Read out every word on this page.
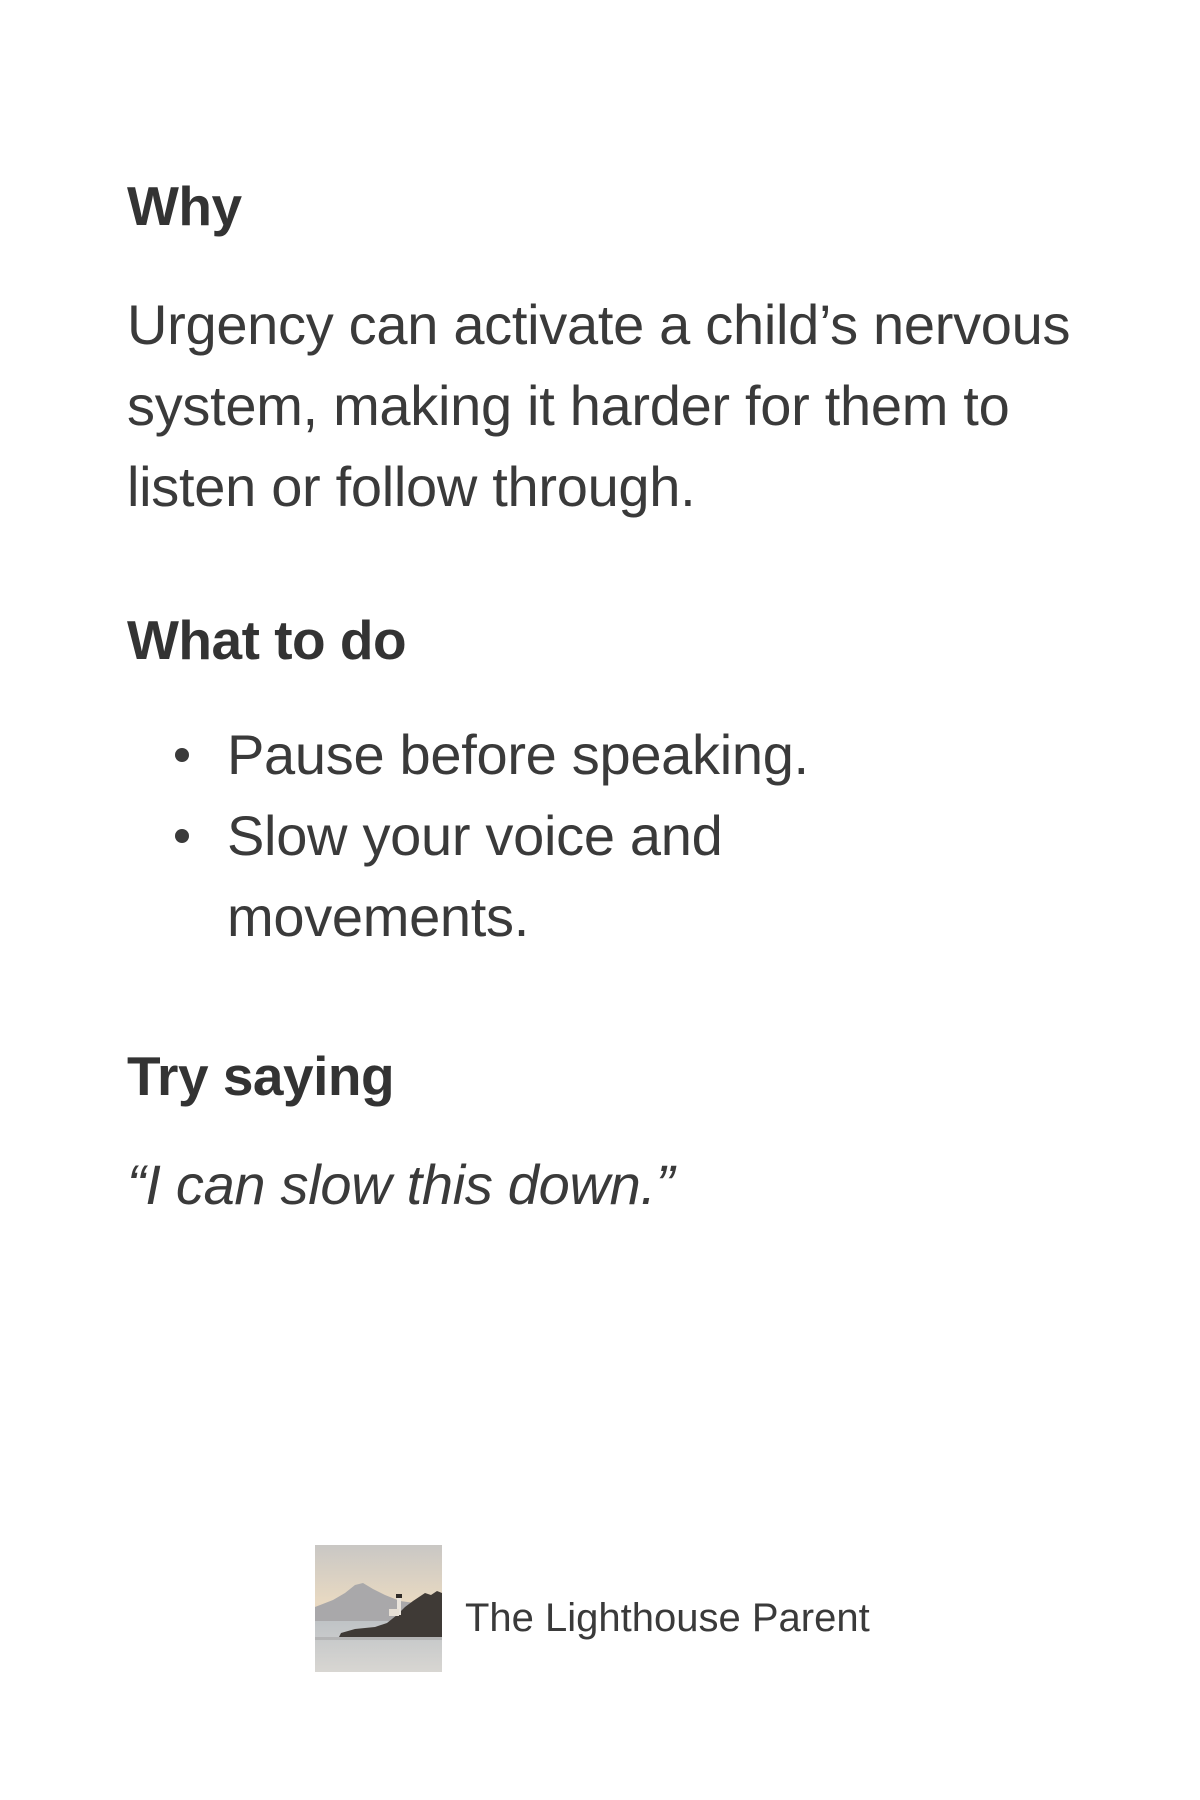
Why

Urgency can activate a child’s nervous system, making it harder for them to listen or follow through.

What to do
Pause before speaking.
Slow your voice and movements.
Try saying

“I can slow this down.”

The Lighthouse Parent
